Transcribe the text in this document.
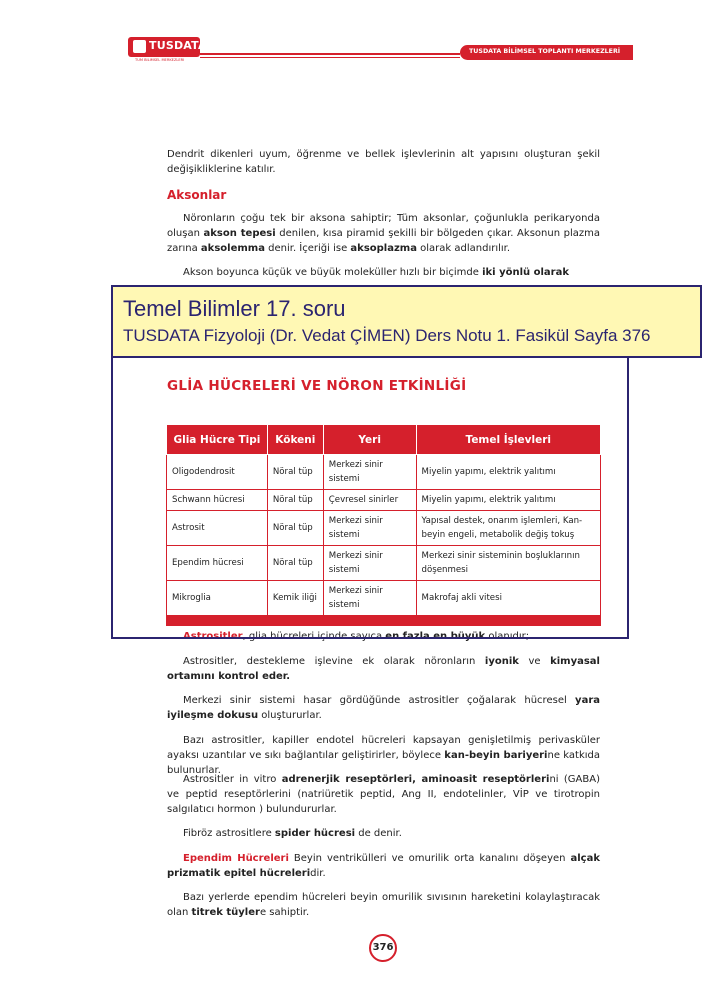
TUSDATA
TUM BILIMSEL MERKEZLERI
TUSDATA BİLİMSEL TOPLANTI MERKEZLERİ
Dendrit dikenleri uyum, öğrenme ve bellek işlevlerinin alt yapısını oluşturan şekil değişikliklerine katılır.
Aksonlar
Nöronların çoğu tek bir aksona sahiptir; Tüm aksonlar, çoğunlukla perikaryonda oluşan akson tepesi denilen, kısa piramid şekilli bir bölgeden çıkar. Aksonun plazma zarına aksolemma denir. İçeriği ise aksoplazma olarak adlandırılır.
Akson boyunca küçük ve büyük moleküller hızlı bir biçimde iki yönlü olarak
GLİA HÜCRELERİ VE NÖRON ETKİNLİĞİ
Glia Hücre Tipi	Kökeni	Yeri	Temel İşlevleri
Oligodendrosit	Nöral tüp	Merkezi sinir sistemi	Miyelin yapımı, elektrik yalıtımı
Schwann hücresi	Nöral tüp	Çevresel sinirler	Miyelin yapımı, elektrik yalıtımı
Astrosit	Nöral tüp	Merkezi sinir sistemi	Yapısal destek, onarım işlemleri, Kan-beyin engeli, metabolik değiş tokuş
Ependim hücresi	Nöral tüp	Merkezi sinir sistemi	Merkezi sinir sisteminin boşluklarının döşenmesi
Mikroglia	Kemik iliği	Merkezi sinir sistemi	Makrofaj akli vitesi

Astrositler, glia hücreleri içinde sayıca en fazla en büyük olanıdır;
Astrositler, destekleme işlevine ek olarak nöronların iyonik ve kimyasal ortamını kontrol eder.
Merkezi sinir sistemi hasar gördüğünde astrositler çoğalarak hücresel yara iyileşme dokusu oluştururlar.
Bazı astrositler, kapiller endotel hücreleri kapsayan genişletilmiş perivasküler ayaksı uzantılar ve sıkı bağlantılar geliştirirler, böylece kan-beyin bariyerine katkıda bulunurlar.
Astrositler in vitro adrenerjik reseptörleri, aminoasit reseptörlerini (GABA) ve peptid reseptörlerini (natriüretik peptid, Ang II, endotelinler, VİP ve tirotropin salgılatıcı hormon ) bulundururlar.
Fibröz astrositlere spider hücresi de denir.
Ependim Hücreleri Beyin ventrikülleri ve omurilik orta kanalını döşeyen alçak prizmatik epitel hücreleridir.
Bazı yerlerde ependim hücreleri beyin omurilik sıvısının hareketini kolaylaştıracak olan titrek tüylere sahiptir.
376
Temel Bilimler 17. soru
TUSDATA Fizyoloji (Dr. Vedat ÇİMEN) Ders Notu 1. Fasikül Sayfa 376
